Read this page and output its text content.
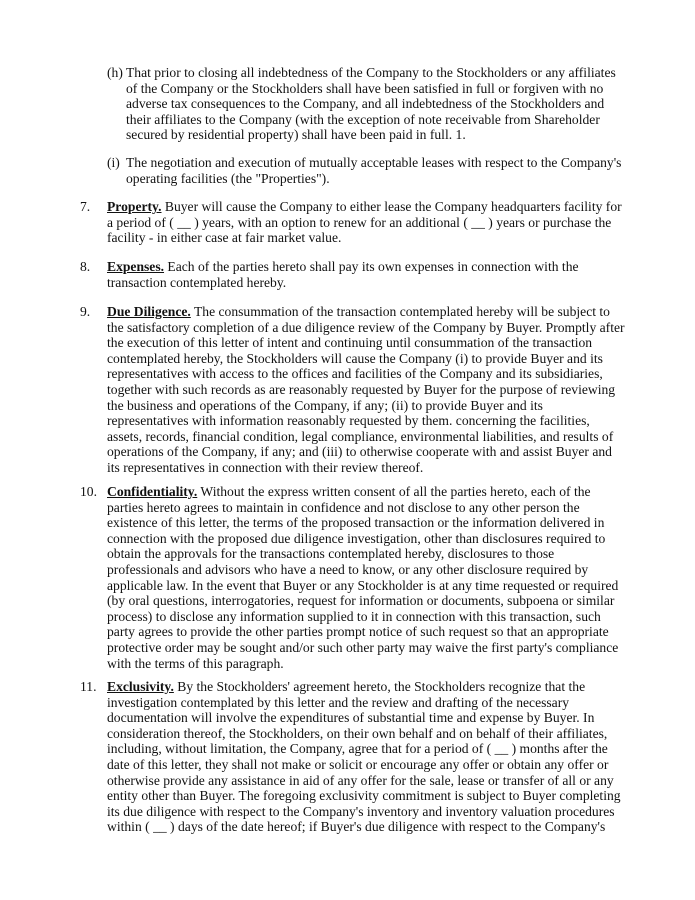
(h) That prior to closing all indebtedness of the Company to the Stockholders or any affiliates of the Company or the Stockholders shall have been satisfied in full or forgiven with no adverse tax consequences to the Company, and all indebtedness of the Stockholders and their affiliates to the Company (with the exception of note receivable from Shareholder secured by residential property) shall have been paid in full. 1.

(i) The negotiation and execution of mutually acceptable leases with respect to the Company's operating facilities (the "Properties").

7. Property. Buyer will cause the Company to either lease the Company headquarters facility for a period of ( __ ) years, with an option to renew for an additional ( __ ) years or purchase the facility - in either case at fair market value.

8. Expenses. Each of the parties hereto shall pay its own expenses in connection with the transaction contemplated hereby.

9. Due Diligence. The consummation of the transaction contemplated hereby will be subject to the satisfactory completion of a due diligence review of the Company by Buyer. Promptly after the execution of this letter of intent and continuing until consummation of the transaction contemplated hereby, the Stockholders will cause the Company (i) to provide Buyer and its representatives with access to the offices and facilities of the Company and its subsidiaries, together with such records as are reasonably requested by Buyer for the purpose of reviewing the business and operations of the Company, if any; (ii) to provide Buyer and its representatives with information reasonably requested by them. concerning the facilities, assets, records, financial condition, legal compliance, environmental liabilities, and results of operations of the Company, if any; and (iii) to otherwise cooperate with and assist Buyer and its representatives in connection with their review thereof.

10. Confidentiality. Without the express written consent of all the parties hereto, each of the parties hereto agrees to maintain in confidence and not disclose to any other person the existence of this letter, the terms of the proposed transaction or the information delivered in connection with the proposed due diligence investigation, other than disclosures required to obtain the approvals for the transactions contemplated hereby, disclosures to those professionals and advisors who have a need to know, or any other disclosure required by applicable law. In the event that Buyer or any Stockholder is at any time requested or required (by oral questions, interrogatories, request for information or documents, subpoena or similar process) to disclose any information supplied to it in connection with this transaction, such party agrees to provide the other parties prompt notice of such request so that an appropriate protective order may be sought and/or such other party may waive the first party's compliance with the terms of this paragraph.

11. Exclusivity. By the Stockholders' agreement hereto, the Stockholders recognize that the investigation contemplated by this letter and the review and drafting of the necessary documentation will involve the expenditures of substantial time and expense by Buyer. In consideration thereof, the Stockholders, on their own behalf and on behalf of their affiliates, including, without limitation, the Company, agree that for a period of ( __ ) months after the date of this letter, they shall not make or solicit or encourage any offer or obtain any offer or otherwise provide any assistance in aid of any offer for the sale, lease or transfer of all or any entity other than Buyer. The foregoing exclusivity commitment is subject to Buyer completing its due diligence with respect to the Company's inventory and inventory valuation procedures within ( __ ) days of the date hereof; if Buyer's due diligence with respect to the Company's
